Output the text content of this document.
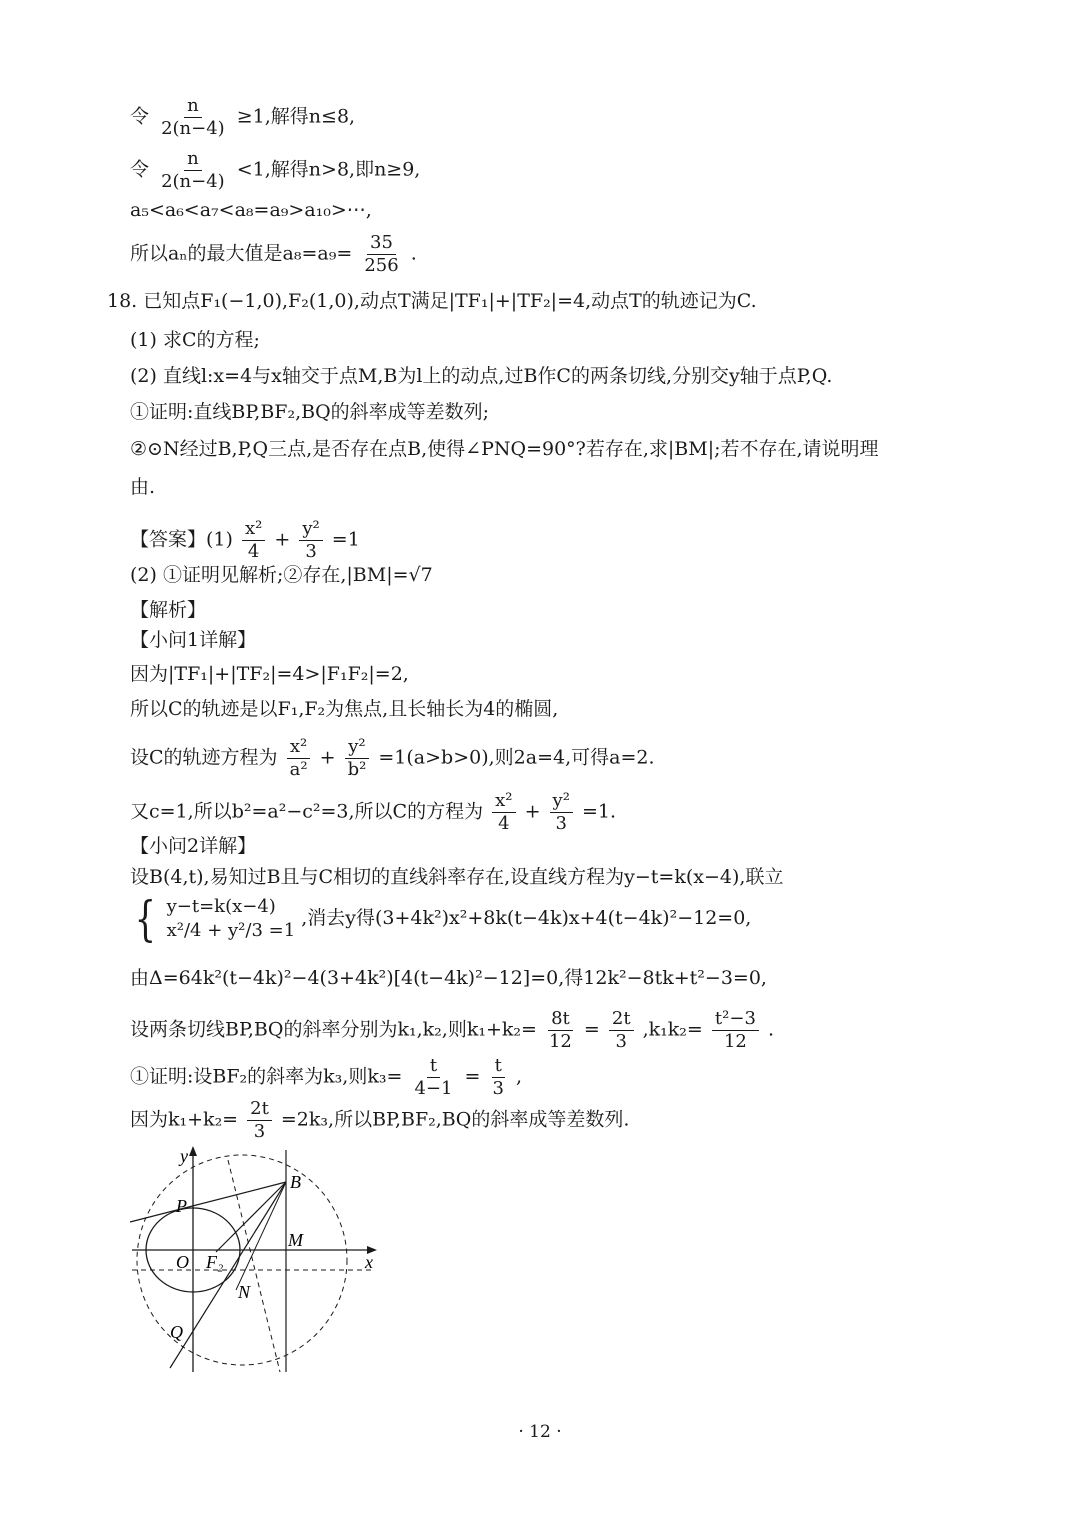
令 $\frac{n}{2(n-4)} \ge 1$,解得n≤8,
令 $\frac{n}{2(n-4)} <1$,解得n>8,即n≥9,
a₅<a₆<a₇<a₈=a₉>a₁₀>⋯,
所以aₙ的最大值是$a_8=a_9= \frac{35}{256}$ .
18. 已知点F₁(−1,0),F₂(1,0),动点T满足|TF₁|+|TF₂|=4,动点T的轨迹记为C.
(1) 求C的方程;
(2) 直线l:x=4与x轴交于点M,B为l上的动点,过B作C的两条切线,分别交y轴于点P,Q.
①证明:直线BP,BF₂,BQ的斜率成等差数列;
②⊙N经过B,P,Q三点,是否存在点B,使得∠PNQ=90°?若存在,求|BM|;若不存在,请说明理
由.
【答案】$(1) \frac{\text{x²}}{4} + \frac{\text{y²}}{3} =1$
(2) ①证明见解析;②存在,|BM|=√7
【解析】
【小问1详解】
因为|TF₁|+|TF₂|=4>|F₁F₂|=2,
所以C的轨迹是以F₁,F₂为焦点,且长轴长为4的椭圆,
设C的轨迹方程为 $\frac{\text{x²}}{\text{a²}} + \frac{\text{y²}}{\text{b²}} =1(a>b>0)$,则2a=4,可得a=2.
又c=1,所以b²=a²−c²=3,所以C的方程为 $\frac{\text{x²}}{4} + \frac{\text{y²}}{3} =1$.
【小问2详解】
设B(4,t),易知过B且与C相切的直线斜率存在,设直线方程为y−t=k(x−4),联立
{ y−t=k(x−4)
x²/4 + y²/3 =1
,消去y得(3+4k²)x²+8k(t−4k)x+4(t−4k)²−12=0,
由Δ=64k²(t−4k)²−4(3+4k²)[4(t−4k)²−12]=0,得12k²−8tk+t²−3=0,
设两条切线BP,BQ的斜率分别为k₁,k₂,则$k_1+k_2= \frac{8t}{12} = \frac{2t}{3} ,k_1k_2= \frac{\text{t²−3}}{12}$ .
①证明:设BF₂的斜率为k₃,则$k_3= \frac{t}{4-1} = \frac{t}{3}$ ,
因为$k_1+k_2= \frac{2t}{3} =2k_3$,所以BP,BF₂,BQ的斜率成等差数列.
y
x
P
B
M
O F₂
N
Q
· 12 ·
